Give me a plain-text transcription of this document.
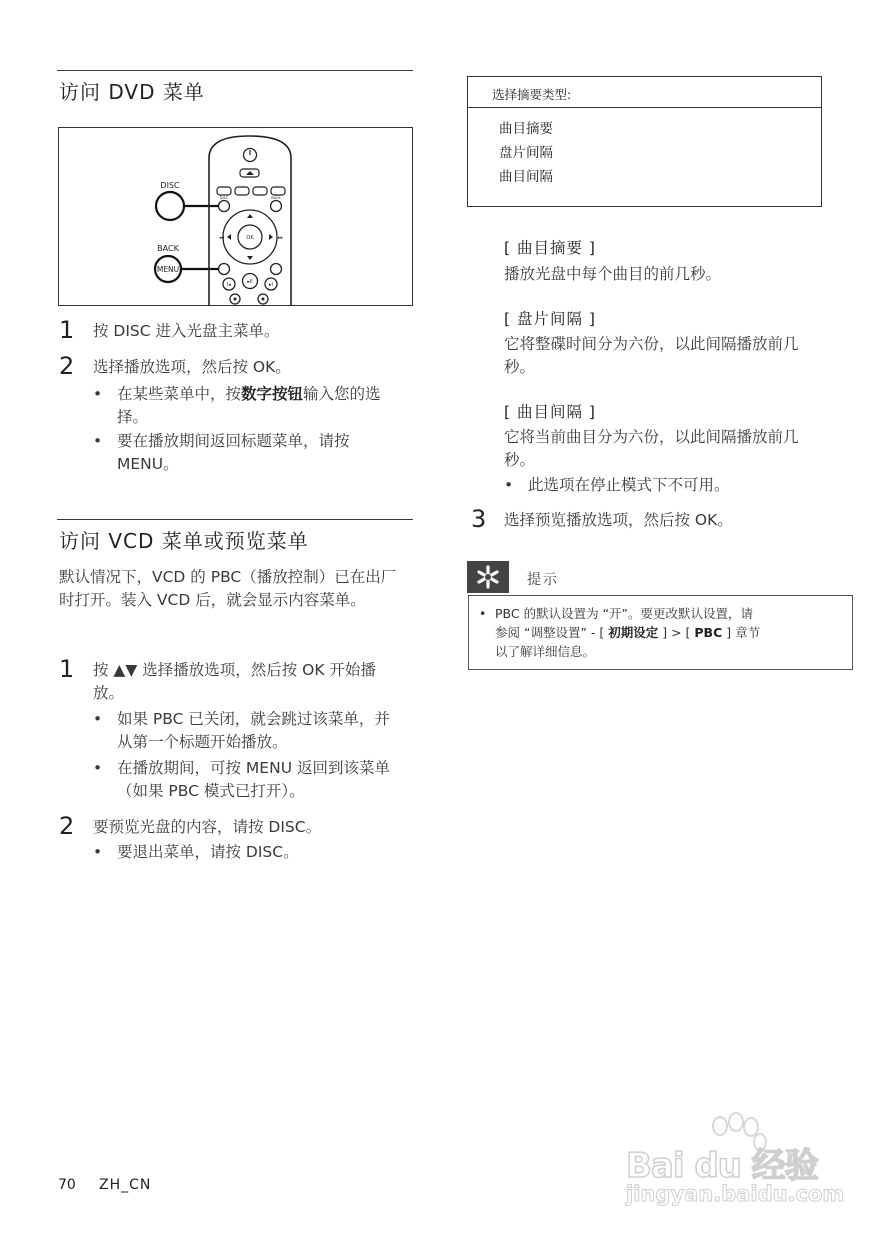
访问 DVD 菜单
DISC	BACK
OK
◂◂	▸▸
▸ll
l◂	▸l
DISC
BACK
MENU
1 按 DISC 进入光盘主菜单。
2 选择播放选项，然后按 OK。
• 在某些菜单中，按数字按钮输入您的选择。
• 要在播放期间返回标题菜单，请按 MENU。
访问 VCD 菜单或预览菜单
默认情况下，VCD 的 PBC（播放控制）已在出厂时打开。装入 VCD 后，就会显示内容菜单。
1 按 ▲▼ 选择播放选项，然后按 OK 开始播放。
• 如果 PBC 已关闭，就会跳过该菜单，并从第一个标题开始播放。
• 在播放期间，可按 MENU 返回到该菜单（如果 PBC 模式已打开）。
2 要预览光盘的内容，请按 DISC。
• 要退出菜单，请按 DISC。
选择摘要类型:
曲目摘要
盘片间隔
曲目间隔
[ 曲目摘要 ]
播放光盘中每个曲目的前几秒。
[ 盘片间隔 ]
它将整碟时间分为六份，以此间隔播放前几秒。
[ 曲目间隔 ]
它将当前曲目分为六份，以此间隔播放前几秒。
• 此选项在停止模式下不可用。
3 选择预览播放选项，然后按 OK。
提示
• PBC 的默认设置为 “开”。要更改默认设置，请
参阅 “调整设置” - [ 初期设定 ] > [ PBC ] 章节
以了解详细信息。
70 ZH_CN	Bai du 经验
jingyan.baidu.com
